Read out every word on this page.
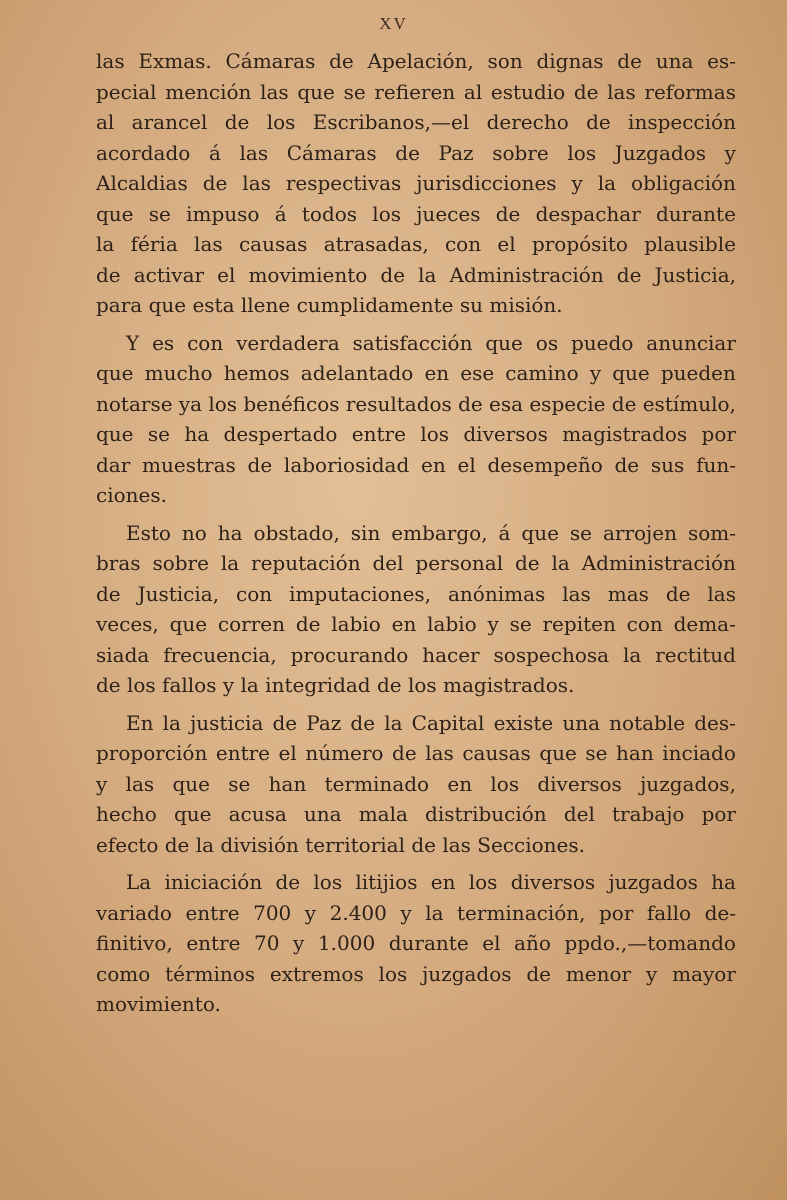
XV
las Exmas. Cámaras de Apelación, son dignas de una es-
pecial mención las que se refieren al estudio de las reformas
al arancel de los Escribanos,—el derecho de inspección
acordado á las Cámaras de Paz sobre los Juzgados y
Alcaldias de las respectivas jurisdicciones y la obligación
que se impuso á todos los jueces de despachar durante
la féria las causas atrasadas, con el propósito plausible
de activar el movimiento de la Administración de Justicia,
para que esta llene cumplidamente su misión.
Y es con verdadera satisfacción que os puedo anunciar
que mucho hemos adelantado en ese camino y que pueden
notarse ya los benéficos resultados de esa especie de estímulo,
que se ha despertado entre los diversos magistrados por
dar muestras de laboriosidad en el desempeño de sus fun-
ciones.
Esto no ha obstado, sin embargo, á que se arrojen som-
bras sobre la reputación del personal de la Administración
de Justicia, con imputaciones, anónimas las mas de las
veces, que corren de labio en labio y se repiten con dema-
siada frecuencia, procurando hacer sospechosa la rectitud
de los fallos y la integridad de los magistrados.
En la justicia de Paz de la Capital existe una notable des-
proporción entre el número de las causas que se han inciado
y las que se han terminado en los diversos juzgados,
hecho que acusa una mala distribución del trabajo por
efecto de la división territorial de las Secciones.
La iniciación de los litijios en los diversos juzgados ha
variado entre 700 y 2.400 y la terminación, por fallo de-
finitivo, entre 70 y 1.000 durante el año ppdo.,—tomando
como términos extremos los juzgados de menor y mayor
movimiento.
